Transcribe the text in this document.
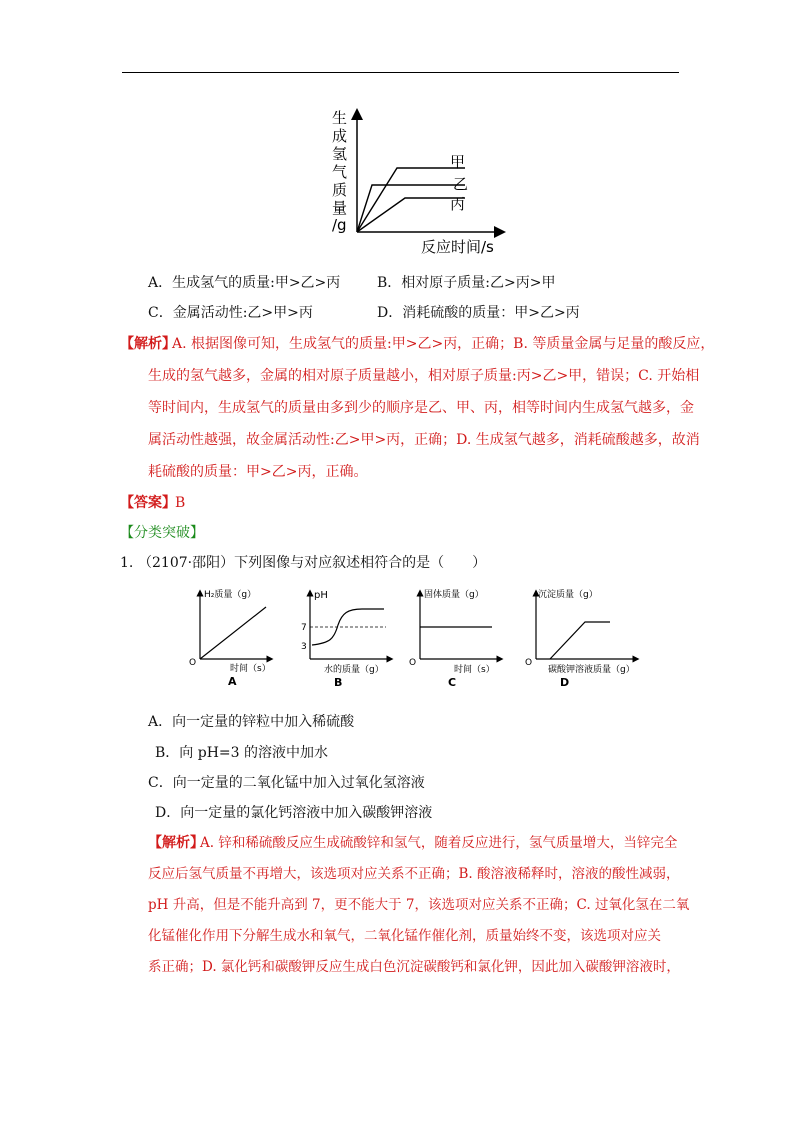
生
成
氢
气
质
量
/g
甲
乙
丙
反应时间/s
A．生成氢气的质量:甲>乙>丙	B．相对原子质量:乙>丙>甲
C．金属活动性:乙>甲>丙	D．消耗硫酸的质量：甲>乙>丙
【解析】
A. 根据图像可知，生成氢气的质量:甲>乙>丙，正确；B. 等质量金属与足量的酸反应，
生成的氢气越多，金属的相对原子质量越小，相对原子质量:丙>乙>甲，错误；C. 开始相
等时间内，生成氢气的质量由多到少的顺序是乙、甲、丙，相等时间内生成氢气越多，金
属活动性越强，故金属活动性:乙>甲>丙，正确；D. 生成氢气越多，消耗硫酸越多，故消
耗硫酸的质量：甲>乙>丙，正确。
【答案】 B
【分类突破】
1. （2107·邵阳）下列图像与对应叙述相符合的是（　　）
H₂质量（g）
O
时间（s）
A
pH
7
3
水的质量（g）
B
固体质量（g）
O
时间（s）
C
沉淀质量（g）
O
碳酸钾溶液质量（g）
D
A．向一定量的锌粒中加入稀硫酸
B．向 pH=3 的溶液中加水
C．向一定量的二氧化锰中加入过氧化氢溶液
D．向一定量的氯化钙溶液中加入碳酸钾溶液
【解析】
A. 锌和稀硫酸反应生成硫酸锌和氢气，随着反应进行，氢气质量增大，当锌完全
反应后氢气质量不再增大，该选项对应关系不正确；B. 酸溶液稀释时，溶液的酸性减弱，
pH 升高，但是不能升高到 7，更不能大于 7，该选项对应关系不正确；C. 过氧化氢在二氧
化锰催化作用下分解生成水和氧气，二氧化锰作催化剂，质量始终不变，该选项对应关
系正确；D. 氯化钙和碳酸钾反应生成白色沉淀碳酸钙和氯化钾，因此加入碳酸钾溶液时，
